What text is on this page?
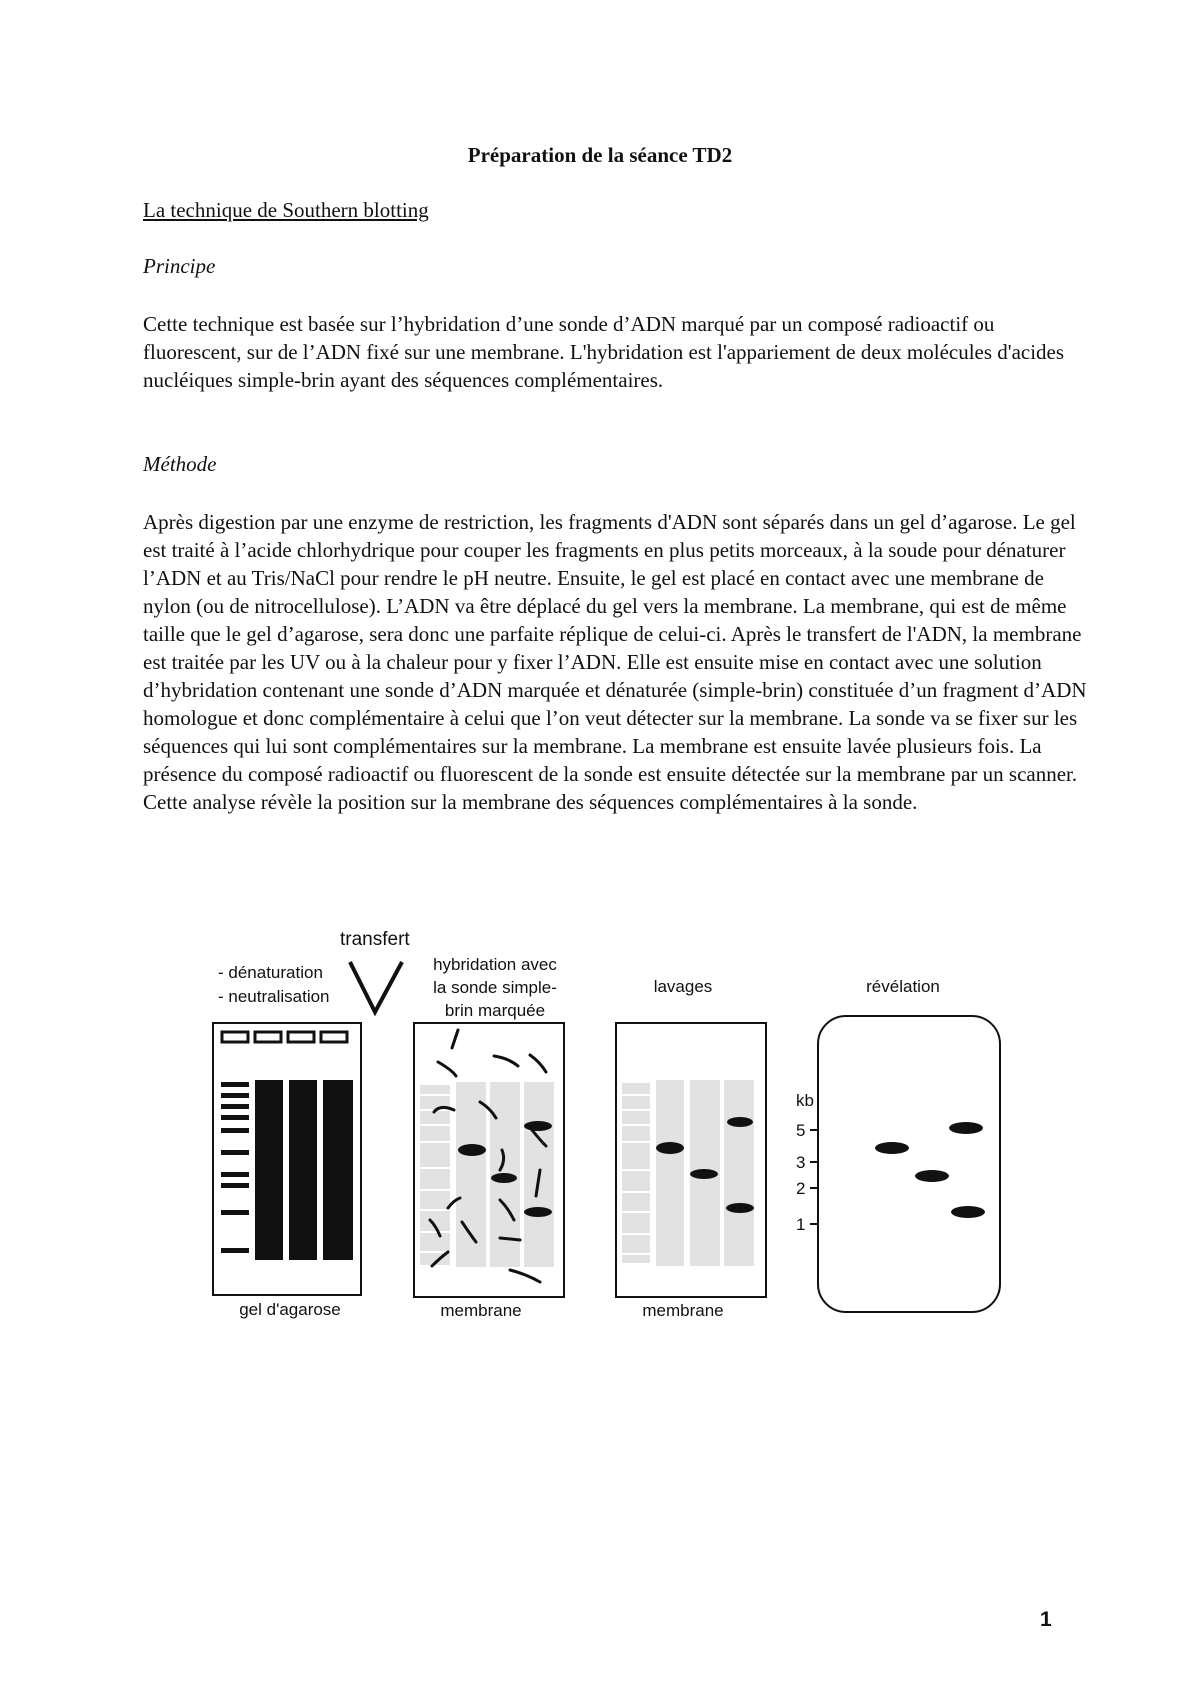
Préparation de la séance TD2
La technique de Southern blotting
Principe

Cette technique est basée sur l’hybridation d’une sonde d’ADN marqué par un composé radioactif ou fluorescent, sur de l’ADN fixé sur une membrane. L'hybridation est l'appariement de deux molécules d'acides nucléiques simple-brin ayant des séquences complémentaires.

Méthode

Après digestion par une enzyme de restriction, les fragments d'ADN sont séparés dans un gel d’agarose. Le gel est traité à l’acide chlorhydrique pour couper les fragments en plus petits morceaux, à la soude pour dénaturer l’ADN et au Tris/NaCl pour rendre le pH neutre. Ensuite, le gel est placé en contact avec une membrane de nylon (ou de nitrocellulose). L’ADN va être déplacé du gel vers la membrane. La membrane, qui est de même taille que le gel d’agarose, sera donc une parfaite réplique de celui-ci. Après le transfert de l'ADN, la membrane est traitée par les UV ou à la chaleur pour y fixer l’ADN. Elle est ensuite mise en contact avec une solution d’hybridation contenant une sonde d’ADN marquée et dénaturée (simple-brin) constituée d’un fragment d’ADN homologue et donc complémentaire à celui que l’on veut détecter sur la membrane. La sonde va se fixer sur les séquences qui lui sont complémentaires sur la membrane. La membrane est ensuite lavée plusieurs fois. La présence du composé radioactif ou fluorescent de la sonde est ensuite détectée sur la membrane par un scanner. Cette analyse révèle la position sur la membrane des séquences complémentaires à la sonde.

- dénaturation
- neutralisation
transfert
hybridation avec
la sonde simple-
brin marquée
lavages	révélation
gel d'agarose	membrane	membrane
kb
5
3
2
1
1
